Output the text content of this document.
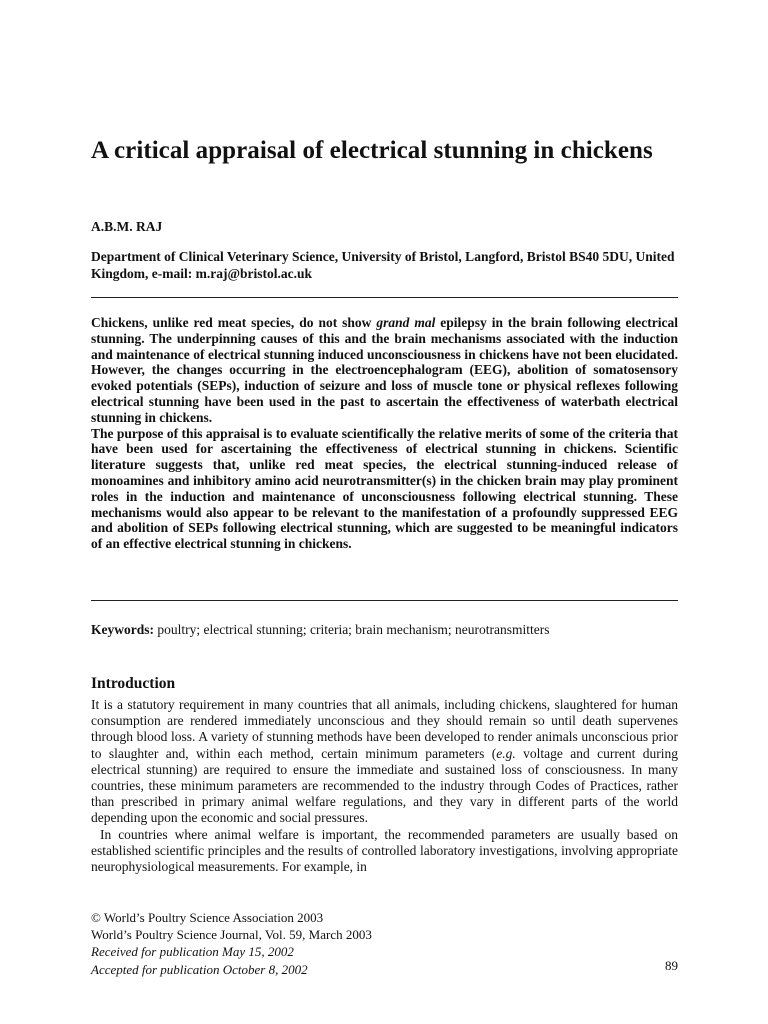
A critical appraisal of electrical stunning in chickens

A.B.M. RAJ

Department of Clinical Veterinary Science, University of Bristol, Langford, Bristol BS40 5DU, United Kingdom, e-mail: m.raj@bristol.ac.uk

Chickens, unlike red meat species, do not show grand mal epilepsy in the brain following electrical stunning. The underpinning causes of this and the brain mechanisms associated with the induction and maintenance of electrical stunning induced unconsciousness in chickens have not been elucidated. However, the changes occurring in the electroencephalogram (EEG), abolition of somatosensory evoked potentials (SEPs), induction of seizure and loss of muscle tone or physical reflexes following electrical stunning have been used in the past to ascertain the effectiveness of waterbath electrical stunning in chickens.

The purpose of this appraisal is to evaluate scientifically the relative merits of some of the criteria that have been used for ascertaining the effectiveness of electrical stunning in chickens. Scientific literature suggests that, unlike red meat species, the electrical stunning-induced release of monoamines and inhibitory amino acid neurotransmitter(s) in the chicken brain may play prominent roles in the induction and maintenance of unconsciousness following electrical stunning. These mechanisms would also appear to be relevant to the manifestation of a profoundly suppressed EEG and abolition of SEPs following electrical stunning, which are suggested to be meaningful indicators of an effective electrical stunning in chickens.

Keywords: poultry; electrical stunning; criteria; brain mechanism; neurotransmitters

Introduction

It is a statutory requirement in many countries that all animals, including chickens, slaughtered for human consumption are rendered immediately unconscious and they should remain so until death supervenes through blood loss. A variety of stunning methods have been developed to render animals unconscious prior to slaughter and, within each method, certain minimum parameters (e.g. voltage and current during electrical stunning) are required to ensure the immediate and sustained loss of consciousness. In many countries, these minimum parameters are recommended to the industry through Codes of Practices, rather than prescribed in primary animal welfare regulations, and they vary in different parts of the world depending upon the economic and social pressures.

In countries where animal welfare is important, the recommended parameters are usually based on established scientific principles and the results of controlled laboratory investigations, involving appropriate neurophysiological measurements. For example, in

© World’s Poultry Science Association 2003
World’s Poultry Science Journal, Vol. 59, March 2003
Received for publication May 15, 2002
Accepted for publication October 8, 2002	89
